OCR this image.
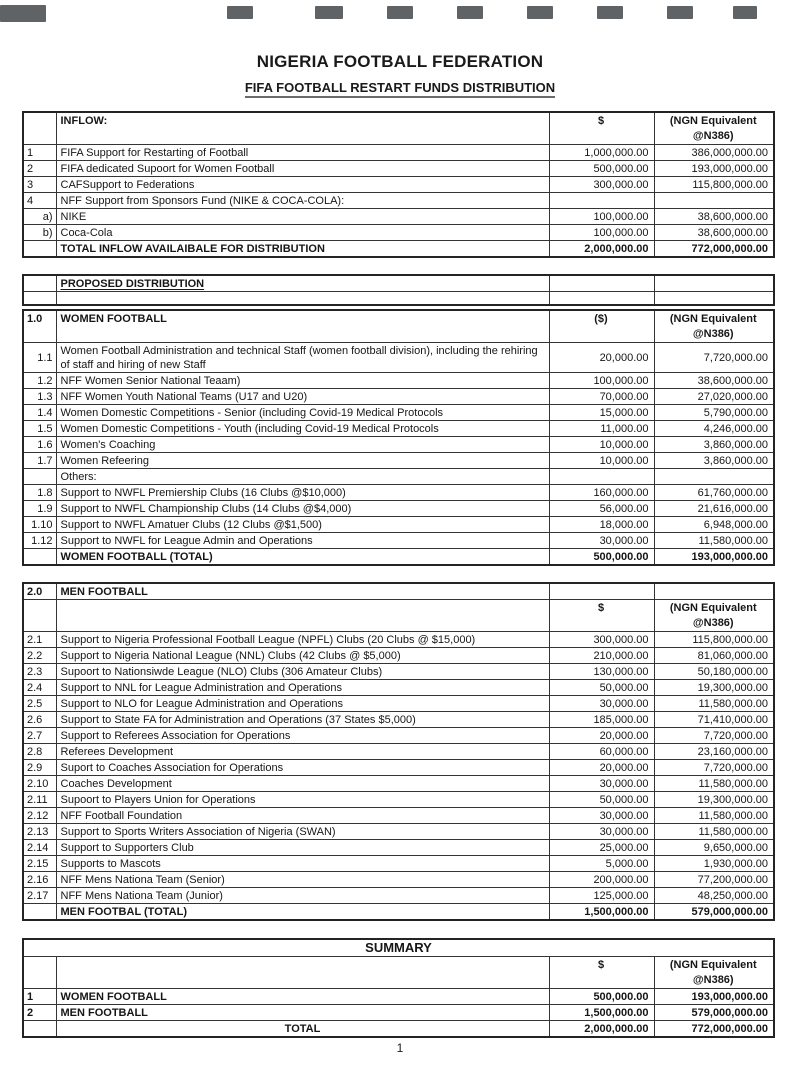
NIGERIA FOOTBALL FEDERATION
FIFA FOOTBALL RESTART FUNDS DISTRIBUTION
	INFLOW:	$	(NGN Equivalent
@N386)

1	FIFA Support for Restarting of Football	1,000,000.00	386,000,000.00
2	FIFA dedicated Supoort for Women Football	500,000.00	193,000,000.00
3	CAFSupport to Federations	300,000.00	115,800,000.00
4	NFF Support from Sponsors Fund (NIKE & COCA-COLA):		
a)	NIKE	100,000.00	38,600,000.00
b)	Coca-Cola	100,000.00	38,600,000.00
	TOTAL INFLOW AVAILAIBALE FOR DISTRIBUTION	2,000,000.00	772,000,000.00
	PROPOSED DISTRIBUTION		

1.0	WOMEN FOOTBALL	($)	(NGN Equivalent
@N386)

1.1	Women Football Administration and technical Staff (women football division), including the rehiring of staff and hiring of new Staff	20,000.00	7,720,000.00
1.2	NFF Women Senior National Teaam)	100,000.00	38,600,000.00
1.3	NFF Women Youth National Teams (U17 and U20)	70,000.00	27,020,000.00
1.4	Women Domestic Competitions - Senior (including Covid-19 Medical Protocols	15,000.00	5,790,000.00
1.5	Women Domestic Competitions - Youth (including Covid-19 Medical Protocols	11,000.00	4,246,000.00
1.6	Women's Coaching	10,000.00	3,860,000.00
1.7	Women Refeering	10,000.00	3,860,000.00
	Others:		
1.8	Support to NWFL Premiership Clubs (16 Clubs @$10,000)	160,000.00	61,760,000.00
1.9	Support to NWFL Championship Clubs (14 Clubs @$4,000)	56,000.00	21,616,000.00
1.10	Support to NWFL Amatuer Clubs (12 Clubs @$1,500)	18,000.00	6,948,000.00
1.12	Support to NWFL for League Admin and Operations	30,000.00	11,580,000.00
	WOMEN FOOTBALL (TOTAL)	500,000.00	193,000,000.00
2.0	MEN FOOTBALL		
		$	(NGN Equivalent
@N386)

2.1	Support to Nigeria Professional Football League (NPFL) Clubs (20 Clubs @ $15,000)	300,000.00	115,800,000.00
2.2	Support to Nigeria National League (NNL) Clubs (42 Clubs @ $5,000)	210,000.00	81,060,000.00
2.3	Supoort to Nationsiwde League (NLO) Clubs (306 Amateur Clubs)	130,000.00	50,180,000.00
2.4	Support to NNL for League Administration and Operations	50,000.00	19,300,000.00
2.5	Support to NLO for League Administration and Operations	30,000.00	11,580,000.00
2.6	Support to State FA for Administration and Operations (37 States $5,000)	185,000.00	71,410,000.00
2.7	Support to Referees Association for Operations	20,000.00	7,720,000.00
2.8	Referees Development	60,000.00	23,160,000.00
2.9	Suport to Coaches Association for Operations	20,000.00	7,720,000.00
2.10	Coaches Development	30,000.00	11,580,000.00
2.11	Supoort to Players Union for Operations	50,000.00	19,300,000.00
2.12	NFF Football Foundation	30,000.00	11,580,000.00
2.13	Support to Sports Writers Association of Nigeria (SWAN)	30,000.00	11,580,000.00
2.14	Support to Supporters Club	25,000.00	9,650,000.00
2.15	Supports to Mascots	5,000.00	1,930,000.00
2.16	NFF Mens Nationa Team (Senior)	200,000.00	77,200,000.00
2.17	NFF Mens Nationa Team (Junior)	125,000.00	48,250,000.00
	MEN FOOTBAL (TOTAL)	1,500,000.00	579,000,000.00
SUMMARY			
		$	(NGN Equivalent
@N386)

1	WOMEN FOOTBALL	500,000.00	193,000,000.00
2	MEN FOOTBALL	1,500,000.00	579,000,000.00
	TOTAL	2,000,000.00	772,000,000.00
1
